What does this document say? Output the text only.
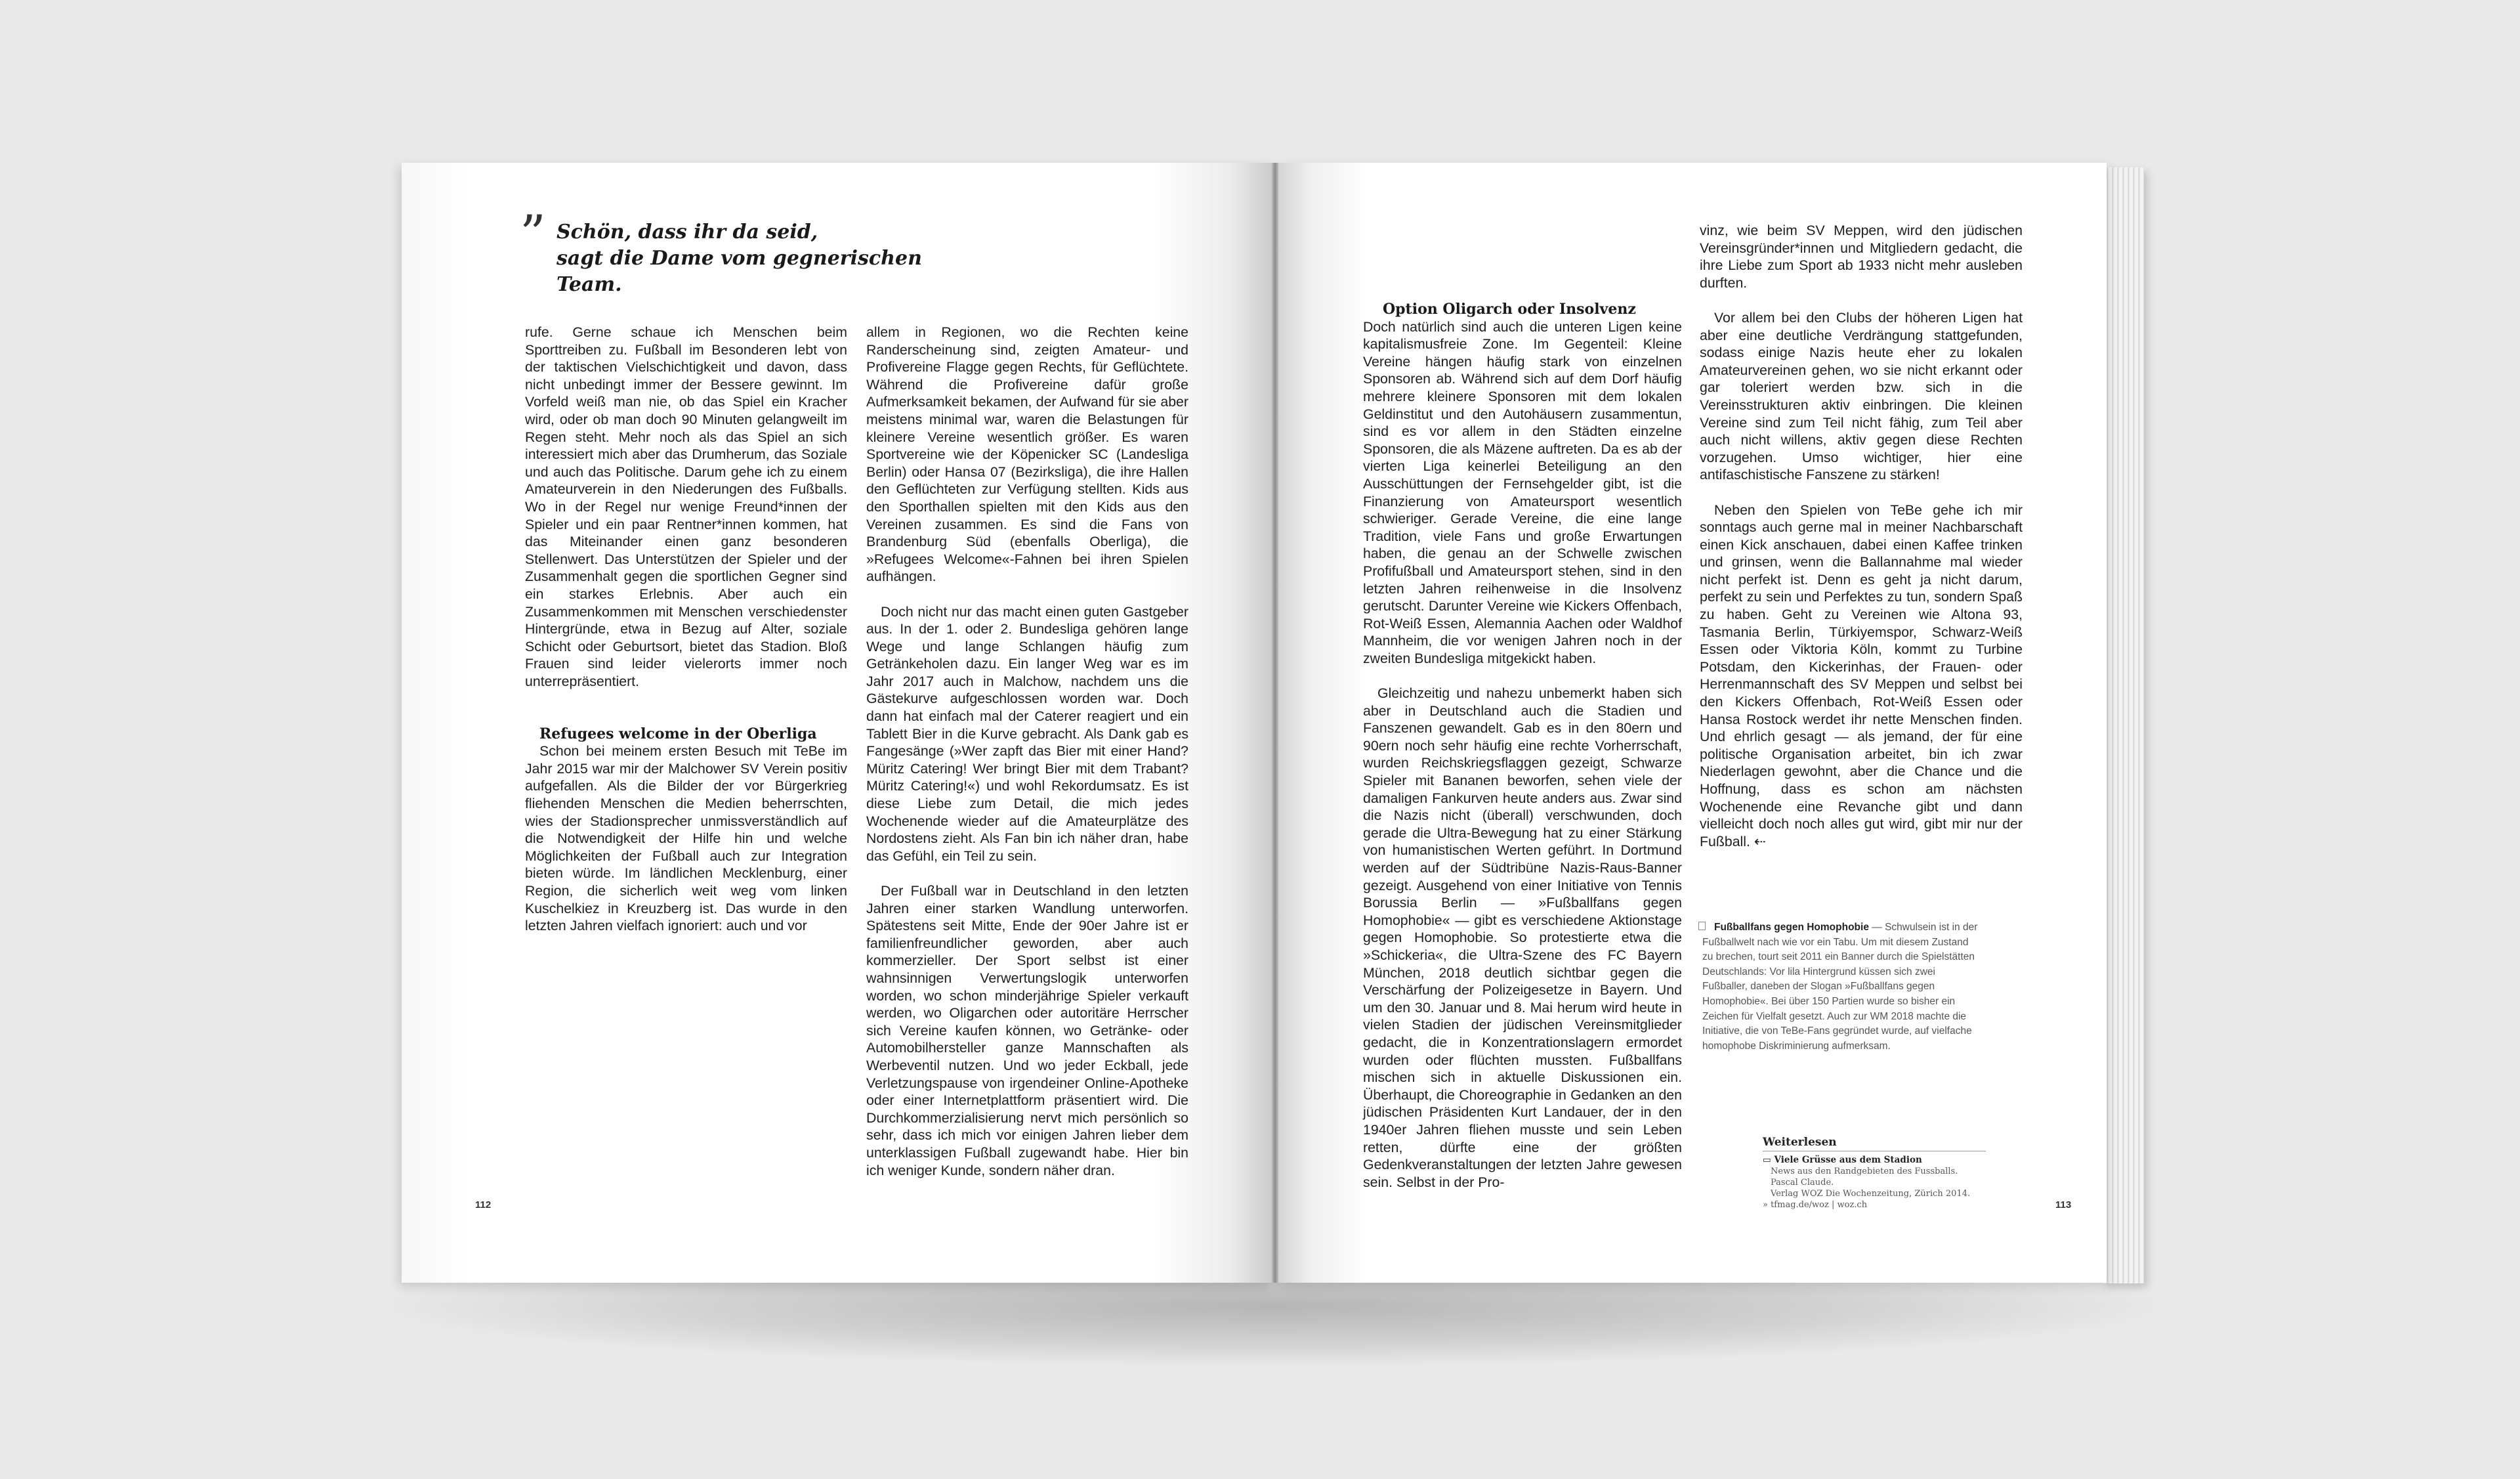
” Schön, dass ihr da seid,
sagt die Dame vom gegnerischen Team.

rufe. Gerne schaue ich Menschen beim Sporttreiben zu. Fußball im Besonderen lebt von der taktischen Vielschichtigkeit und davon, dass nicht unbedingt immer der Bessere gewinnt. Im Vorfeld weiß man nie, ob das Spiel ein Kracher wird, oder ob man doch 90 Minuten gelangweilt im Regen steht. Mehr noch als das Spiel an sich interessiert mich aber das Drumherum, das Soziale und auch das Politische. Darum gehe ich zu einem Amateurverein in den Niederungen des Fußballs. Wo in der Regel nur wenige Freund*innen der Spieler und ein paar Rentner*innen kommen, hat das Miteinander einen ganz besonderen Stellenwert. Das Unterstützen der Spieler und der Zusammenhalt gegen die sportlichen Gegner sind ein starkes Erlebnis. Aber auch ein Zusammenkommen mit Menschen verschiedenster Hintergründe, etwa in Bezug auf Alter, soziale Schicht oder Geburtsort, bietet das Stadion. Bloß Frauen sind leider vielerorts immer noch unterrepräsentiert.

Refugees welcome in der Oberliga

Schon bei meinem ersten Besuch mit TeBe im Jahr 2015 war mir der Malchower SV Verein positiv aufgefallen. Als die Bilder der vor Bürgerkrieg fliehenden Menschen die Medien beherrschten, wies der Stadionsprecher unmissverständlich auf die Notwendigkeit der Hilfe hin und welche Möglichkeiten der Fußball auch zur Integration bieten würde. Im ländlichen Mecklenburg, einer Region, die sicherlich weit weg vom linken Kuschelkiez in Kreuzberg ist. Das wurde in den letzten Jahren vielfach ignoriert: auch und vor

allem in Regionen, wo die Rechten keine Randerscheinung sind, zeigten Amateur- und Profivereine Flagge gegen Rechts, für Geflüchtete. Während die Profivereine dafür große Aufmerksamkeit bekamen, der Aufwand für sie aber meistens minimal war, waren die Belastungen für kleinere Vereine wesentlich größer. Es waren Sportvereine wie der Köpenicker SC (Landesliga Berlin) oder Hansa 07 (Bezirksliga), die ihre Hallen den Geflüchteten zur Verfügung stellten. Kids aus den Sporthallen spielten mit den Kids aus den Vereinen zusammen. Es sind die Fans von Brandenburg Süd (ebenfalls Oberliga), die »Refugees Welcome«-Fahnen bei ihren Spielen aufhängen.

Doch nicht nur das macht einen guten Gastgeber aus. In der 1. oder 2. Bundesliga gehören lange Wege und lange Schlangen häufig zum Getränkeholen dazu. Ein langer Weg war es im Jahr 2017 auch in Malchow, nachdem uns die Gästekurve aufgeschlossen worden war. Doch dann hat einfach mal der Caterer reagiert und ein Tablett Bier in die Kurve gebracht. Als Dank gab es Fangesänge (»Wer zapft das Bier mit einer Hand? Müritz Catering! Wer bringt Bier mit dem Trabant? Müritz Catering!«) und wohl Rekordumsatz. Es ist diese Liebe zum Detail, die mich jedes Wochenende wieder auf die Amateurplätze des Nordostens zieht. Als Fan bin ich näher dran, habe das Gefühl, ein Teil zu sein.

Der Fußball war in Deutschland in den letzten Jahren einer starken Wandlung unterworfen. Spätestens seit Mitte, Ende der 90er Jahre ist er familienfreundlicher geworden, aber auch kommerzieller. Der Sport selbst ist einer wahnsinnigen Verwertungslogik unterworfen worden, wo schon minderjährige Spieler verkauft werden, wo Oligarchen oder autoritäre Herrscher sich Vereine kaufen können, wo Getränke- oder Automobilhersteller ganze Mannschaften als Werbeventil nutzen. Und wo jeder Eckball, jede Verletzungspause von irgendeiner Online-Apotheke oder einer Internetplattform präsentiert wird. Die Durchkommerzialisierung nervt mich persönlich so sehr, dass ich mich vor einigen Jahren lieber dem unterklassigen Fußball zugewandt habe. Hier bin ich weniger Kunde, sondern näher dran.

112
Option Oligarch oder Insolvenz

Doch natürlich sind auch die unteren Ligen keine kapitalismusfreie Zone. Im Gegenteil: Kleine Vereine hängen häufig stark von einzelnen Sponsoren ab. Während sich auf dem Dorf häufig mehrere kleinere Sponsoren mit dem lokalen Geldinstitut und den Autohäusern zusammentun, sind es vor allem in den Städten einzelne Sponsoren, die als Mäzene auftreten. Da es ab der vierten Liga keinerlei Beteiligung an den Ausschüttungen der Fernsehgelder gibt, ist die Finanzierung von Amateursport wesentlich schwieriger. Gerade Vereine, die eine lange Tradition, viele Fans und große Erwartungen haben, die genau an der Schwelle zwischen Profifußball und Amateursport stehen, sind in den letzten Jahren reihenweise in die Insolvenz gerutscht. Darunter Vereine wie Kickers Offenbach, Rot-Weiß Essen, Alemannia Aachen oder Waldhof Mannheim, die vor wenigen Jahren noch in der zweiten Bundesliga mitgekickt haben.

Gleichzeitig und nahezu unbemerkt haben sich aber in Deutschland auch die Stadien und Fanszenen gewandelt. Gab es in den 80ern und 90ern noch sehr häufig eine rechte Vorherrschaft, wurden Reichskriegsflaggen gezeigt, Schwarze Spieler mit Bananen beworfen, sehen viele der damaligen Fankurven heute anders aus. Zwar sind die Nazis nicht (überall) verschwunden, doch gerade die Ultra-Bewegung hat zu einer Stärkung von humanistischen Werten geführt. In Dortmund werden auf der Südtribüne Nazis-Raus-Banner gezeigt. Ausgehend von einer Initiative von Tennis Borussia Berlin — »Fußballfans gegen Homophobie« — gibt es verschiedene Aktionstage gegen Homophobie. So protestierte etwa die »Schickeria«, die Ultra-Szene des FC Bayern München, 2018 deutlich sichtbar gegen die Verschärfung der Polizeigesetze in Bayern. Und um den 30. Januar und 8. Mai herum wird heute in vielen Stadien der jüdischen Vereinsmitglieder gedacht, die in Konzentrationslagern ermordet wurden oder flüchten mussten. Fußballfans mischen sich in aktuelle Diskussionen ein. Überhaupt, die Choreographie in Gedanken an den jüdischen Präsidenten Kurt Landauer, der in den 1940er Jahren fliehen musste und sein Leben retten, dürfte eine der größten Gedenkveranstaltungen der letzten Jahre gewesen sein. Selbst in der Pro-

vinz, wie beim SV Meppen, wird den jüdischen Vereinsgründer*innen und Mitgliedern gedacht, die ihre Liebe zum Sport ab 1933 nicht mehr ausleben durften.

Vor allem bei den Clubs der höheren Ligen hat aber eine deutliche Verdrängung stattgefunden, sodass einige Nazis heute eher zu lokalen Amateurvereinen gehen, wo sie nicht erkannt oder gar toleriert werden bzw. sich in die Vereinsstrukturen aktiv einbringen. Die kleinen Vereine sind zum Teil nicht fähig, zum Teil aber auch nicht willens, aktiv gegen diese Rechten vorzugehen. Umso wichtiger, hier eine antifaschistische Fanszene zu stärken!

Neben den Spielen von TeBe gehe ich mir sonntags auch gerne mal in meiner Nachbarschaft einen Kick anschauen, dabei einen Kaffee trinken und grinsen, wenn die Ballannahme mal wieder nicht perfekt ist. Denn es geht ja nicht darum, perfekt zu sein und Perfektes zu tun, sondern Spaß zu haben. Geht zu Vereinen wie Altona 93, Tasmania Berlin, Türkiyemspor, Schwarz-Weiß Essen oder Viktoria Köln, kommt zu Turbine Potsdam, den Kickerinhas, der Frauen- oder Herrenmannschaft des SV Meppen und selbst bei den Kickers Offenbach, Rot-Weiß Essen oder Hansa Rostock werdet ihr nette Menschen finden. Und ehrlich gesagt — als jemand, der für eine politische Organisation arbeitet, bin ich zwar Niederlagen gewohnt, aber die Chance und die Hoffnung, dass es schon am nächsten Wochenende eine Revanche gibt und dann vielleicht doch noch alles gut wird, gibt mir nur der Fußball. ⇠

Fußballfans gegen Homophobie — Schwulsein ist in der Fußballwelt nach wie vor ein Tabu. Um mit diesem Zustand zu brechen, tourt seit 2011 ein Banner durch die Spielstätten Deutschlands: Vor lila Hintergrund küssen sich zwei Fußballer, daneben der Slogan »Fußballfans gegen Homophobie«. Bei über 150 Partien wurde so bisher ein Zeichen für Vielfalt gesetzt. Auch zur WM 2018 machte die Initiative, die von TeBe-Fans gegründet wurde, auf vielfache homophobe Diskriminierung aufmerksam.
Weiterlesen
▭ Viele Grüsse aus dem Stadion
News aus den Randgebieten des Fussballs. Pascal Claude.
Verlag WOZ Die Wochenzeitung, Zürich 2014.
» tfmag.de/woz | woz.ch	113
